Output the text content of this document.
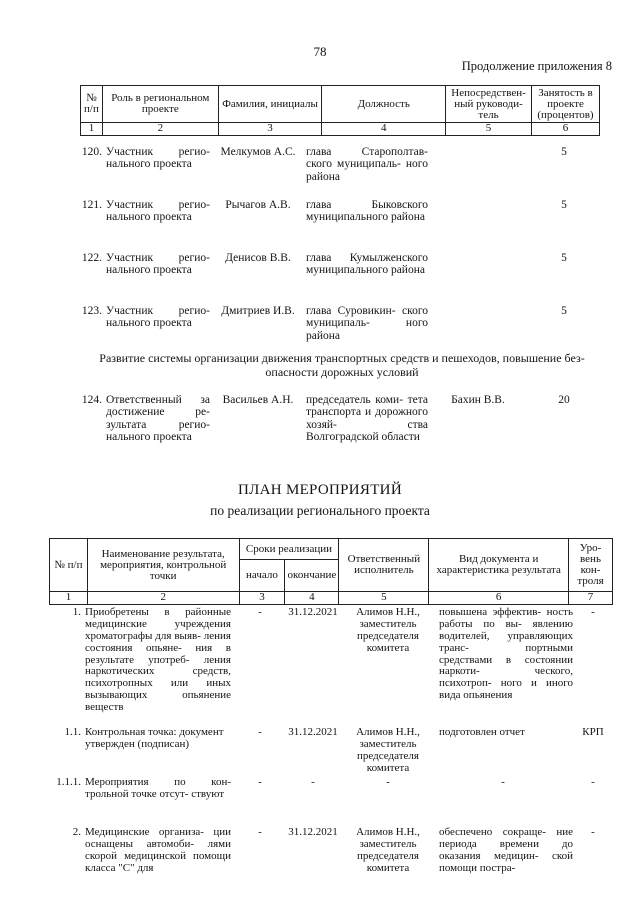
78
Продолжение приложения 8
№ п/п	Роль в региональном проекте	Фамилия, инициалы	Должность	Непосредствен- ный руководи- тель	Занятость в проекте (процентов)
1	2	3	4	5	6
120.	Участник регио- нального проекта	Мелкумов А.С.	глава Старополтав- ского муниципаль- ного района		5
121.	Участник регио- нального проекта	Рычагов А.В.	глава Быковского муниципального района		5
122.	Участник регио- нального проекта	Денисов В.В.	глава Кумылженского муниципального района		5
123.	Участник регио- нального проекта	Дмитриев И.В.	глава Суровикин- ского муниципаль- ного района		5
Развитие системы организации движения транспортных средств и пешеходов, повышение без- опасности дорожных условий
124.	Ответственный за достижение ре- зультата регио- нального проекта	Васильев А.Н.	председатель коми- тета транспорта и дорожного хозяй- ства Волгоградской области	Бахин В.В.	20
ПЛАН МЕРОПРИЯТИЙ
по реализации регионального проекта
№ п/п	Наименование результата, мероприятия, контрольной точки	Сроки реализации		Ответственный исполнитель	Вид документа и характеристика результата	Уро- вень кон- троля
		начало	окончание			
1	2	3	4	5	6	7
1.	Приобретены в районные медицинские учреждения хроматографы для выяв- ления состояния опьяне- ния в результате употреб- ления наркотических средств, психотропных или иных вызывающих опьянение веществ	-	31.12.2021	Алимов Н.Н., заместитель председателя комитета	повышена эффектив- ность работы по вы- явлению водителей, управляющих транс- портными средствами в состоянии наркоти- ческого, психотроп- ного и иного вида опьянения	-
1.1.	Контрольная точка: документ утвержден (подписан)	-	31.12.2021	Алимов Н.Н., заместитель председателя комитета	подготовлен отчет	КРП
1.1.1.	Мероприятия по кон- трольной точке отсут- ствуют	-	-	-	-	-
2.	Медицинские организа- ции оснащены автомоби- лями скорой медицинской помощи класса "С" для	-	31.12.2021	Алимов Н.Н., заместитель председателя комитета	обеспечено сокраще- ние периода времени до оказания медицин- ской помощи постра-	-
